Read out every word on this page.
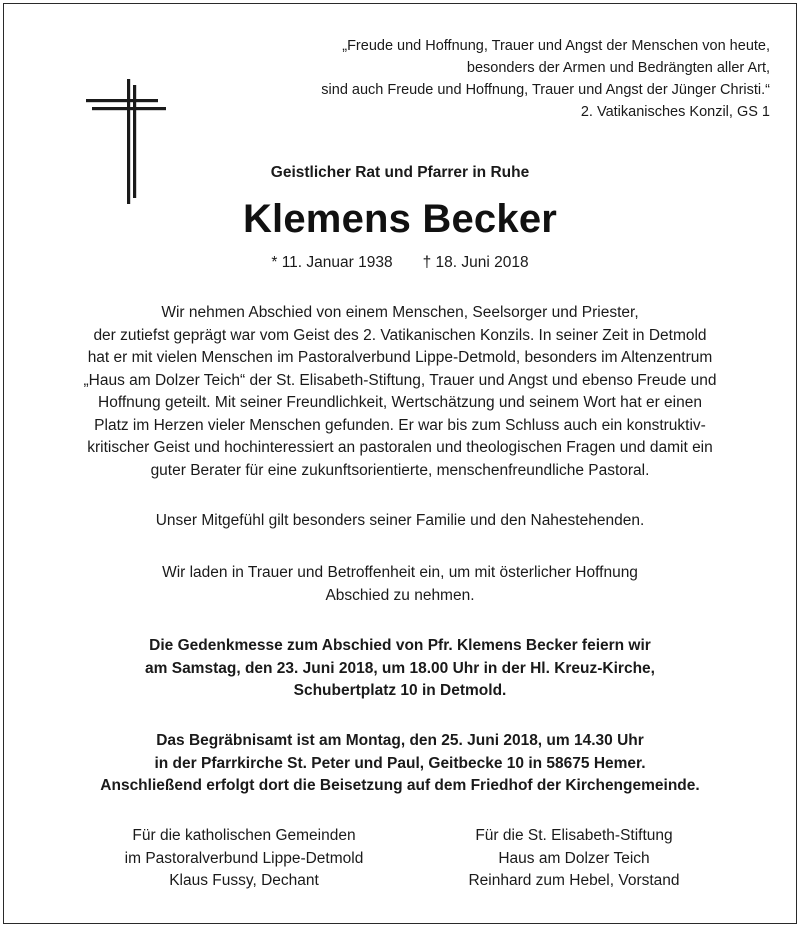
„Freude und Hoffnung, Trauer und Angst der Menschen von heute,
besonders der Armen und Bedrängten aller Art,
sind auch Freude und Hoffnung, Trauer und Angst der Jünger Christi.“
2. Vatikanisches Konzil, GS 1
Geistlicher Rat und Pfarrer in Ruhe
Klemens Becker
* 11. Januar 1938 † 18. Juni 2018
Wir nehmen Abschied von einem Menschen, Seelsorger und Priester,
der zutiefst geprägt war vom Geist des 2. Vatikanischen Konzils. In seiner Zeit in Detmold
hat er mit vielen Menschen im Pastoralverbund Lippe-Detmold, besonders im Altenzentrum
„Haus am Dolzer Teich“ der St. Elisabeth-Stiftung, Trauer und Angst und ebenso Freude und
Hoffnung geteilt. Mit seiner Freundlichkeit, Wertschätzung und seinem Wort hat er einen
Platz im Herzen vieler Menschen gefunden. Er war bis zum Schluss auch ein konstruktiv-
kritischer Geist und hochinteressiert an pastoralen und theologischen Fragen und damit ein
guter Berater für eine zukunftsorientierte, menschenfreundliche Pastoral.
Unser Mitgefühl gilt besonders seiner Familie und den Nahestehenden.
Wir laden in Trauer und Betroffenheit ein, um mit österlicher Hoffnung
Abschied zu nehmen.
Die Gedenkmesse zum Abschied von Pfr. Klemens Becker feiern wir
am Samstag, den 23. Juni 2018, um 18.00 Uhr in der Hl. Kreuz-Kirche,
Schubertplatz 10 in Detmold.
Das Begräbnisamt ist am Montag, den 25. Juni 2018, um 14.30 Uhr
in der Pfarrkirche St. Peter und Paul, Geitbecke 10 in 58675 Hemer.
Anschließend erfolgt dort die Beisetzung auf dem Friedhof der Kirchengemeinde.
Für die katholischen Gemeinden
im Pastoralverbund Lippe-Detmold
Klaus Fussy, Dechant
Für die St. Elisabeth-Stiftung
Haus am Dolzer Teich
Reinhard zum Hebel, Vorstand
